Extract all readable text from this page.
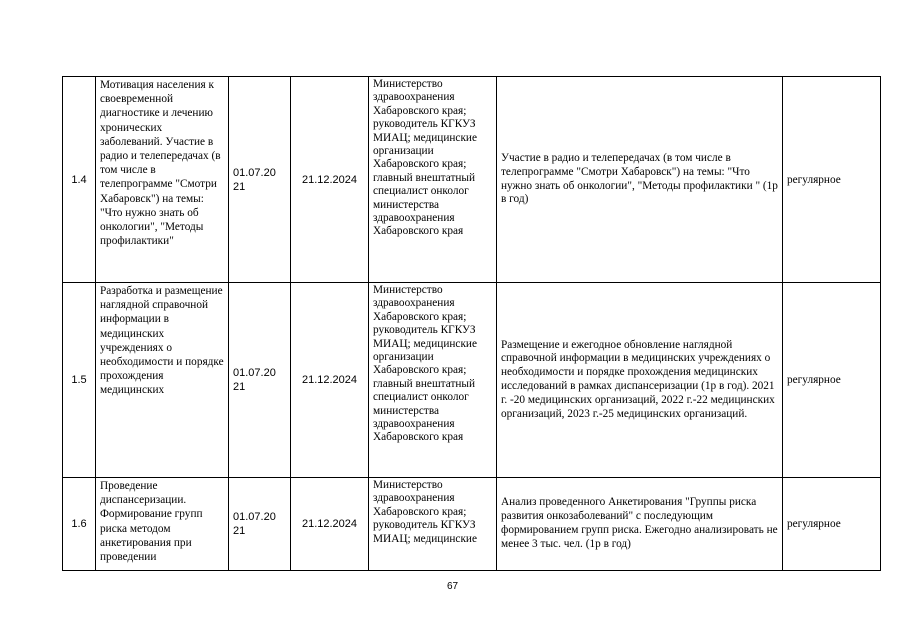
1.4	Мотивация населения к своевременной диагностике и лечению хронических заболеваний. Участие в радио и телепередачах (в том числе в телепрограмме "Смотри Хабаровск") на темы: "Что нужно знать об онкологии", "Методы профилактики"	01.07.20 21	21.12.2024	Министерство здравоохранения Хабаровского края; руководитель КГКУЗ МИАЦ; медицинские организации Хабаровского края; главный внештатный специалист онколог министерства здравоохранения Хабаровского края	Участие в радио и телепередачах (в том числе в телепрограмме "Смотри Хабаровск") на темы: "Что нужно знать об онкологии", "Методы профилактики " (1р в год)	регулярное
1.5	Разработка и размещение наглядной справочной информации в медицинских учреждениях о необходимости и порядке прохождения медицинских	01.07.20 21	21.12.2024	Министерство здравоохранения Хабаровского края; руководитель КГКУЗ МИАЦ; медицинские организации Хабаровского края; главный внештатный специалист онколог министерства здравоохранения Хабаровского края	Размещение и ежегодное обновление наглядной справочной информации в медицинских учреждениях о необходимости и порядке прохождения медицинских исследований в рамках диспансеризации (1р в год). 2021 г. -20 медицинских организаций, 2022 г.-22 медицинских организаций, 2023 г.-25 медицинских организаций.	регулярное
1.6	Проведение диспансеризации. Формирование групп риска методом анкетирования при проведении	01.07.20 21	21.12.2024	Министерство здравоохранения Хабаровского края; руководитель КГКУЗ МИАЦ; медицинские	Анализ проведенного Анкетирования "Группы риска развития онкозаболеваний" с последующим формированием групп риска. Ежегодно анализировать не менее 3 тыс. чел. (1р в год)	регулярное
67
